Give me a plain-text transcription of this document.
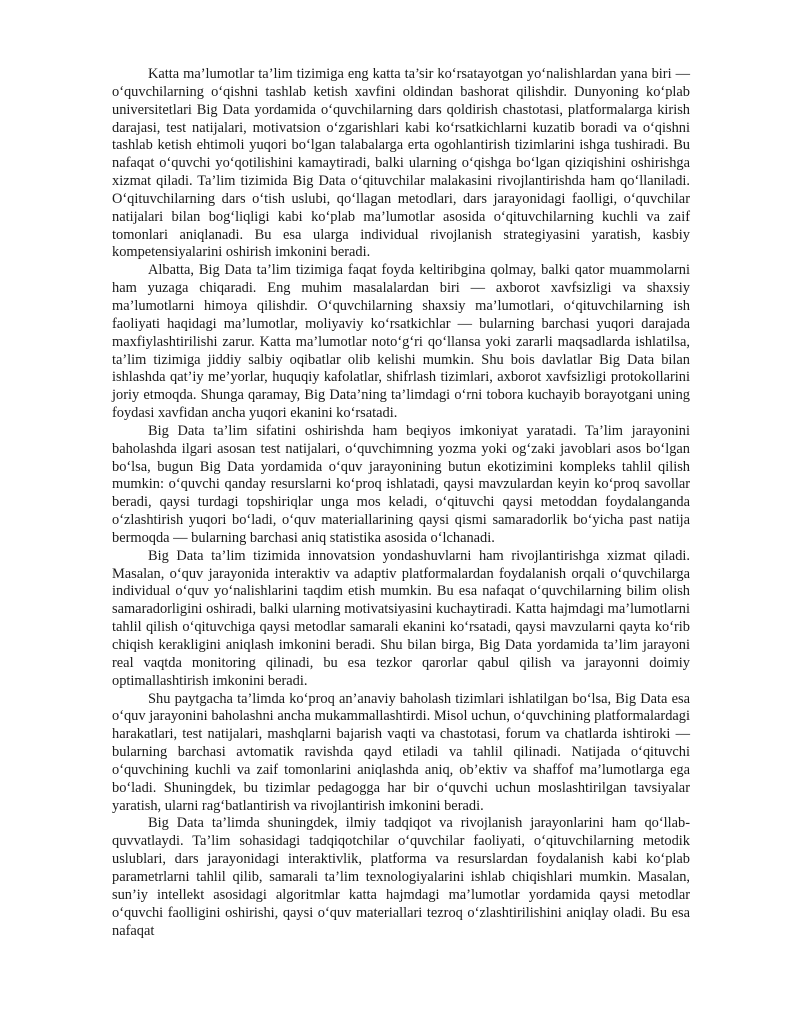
Katta ma’lumotlar ta’lim tizimiga eng katta ta’sir ko‘rsatayotgan yo‘nalishlardan yana biri — o‘quvchilarning o‘qishni tashlab ketish xavfini oldindan bashorat qilishdir. Dunyoning ko‘plab universitetlari Big Data yordamida o‘quvchilarning dars qoldirish chastotasi, platformalarga kirish darajasi, test natijalari, motivatsion o‘zgarishlari kabi ko‘rsatkichlarni kuzatib boradi va o‘qishni tashlab ketish ehtimoli yuqori bo‘lgan talabalarga erta ogohlantirish tizimlarini ishga tushiradi. Bu nafaqat o‘quvchi yo‘qotilishini kamaytiradi, balki ularning o‘qishga bo‘lgan qiziqishini oshirishga xizmat qiladi. Ta’lim tizimida Big Data o‘qituvchilar malakasini rivojlantirishda ham qo‘llaniladi. O‘qituvchilarning dars o‘tish uslubi, qo‘llagan metodlari, dars jarayonidagi faolligi, o‘quvchilar natijalari bilan bog‘liqligi kabi ko‘plab ma’lumotlar asosida o‘qituvchilarning kuchli va zaif tomonlari aniqlanadi. Bu esa ularga individual rivojlanish strategiyasini yaratish, kasbiy kompetensiyalarini oshirish imkonini beradi.

Albatta, Big Data ta’lim tizimiga faqat foyda keltiribgina qolmay, balki qator muammolarni ham yuzaga chiqaradi. Eng muhim masalalardan biri — axborot xavfsizligi va shaxsiy ma’lumotlarni himoya qilishdir. O‘quvchilarning shaxsiy ma’lumotlari, o‘qituvchilarning ish faoliyati haqidagi ma’lumotlar, moliyaviy ko‘rsatkichlar — bularning barchasi yuqori darajada maxfiylashtirilishi zarur. Katta ma’lumotlar noto‘g‘ri qo‘llansa yoki zararli maqsadlarda ishlatilsa, ta’lim tizimiga jiddiy salbiy oqibatlar olib kelishi mumkin. Shu bois davlatlar Big Data bilan ishlashda qat’iy me’yorlar, huquqiy kafolatlar, shifrlash tizimlari, axborot xavfsizligi protokollarini joriy etmoqda. Shunga qaramay, Big Data’ning ta’limdagi o‘rni tobora kuchayib borayotgani uning foydasi xavfidan ancha yuqori ekanini ko‘rsatadi.

Big Data ta’lim sifatini oshirishda ham beqiyos imkoniyat yaratadi. Ta’lim jarayonini baholashda ilgari asosan test natijalari, o‘quvchimning yozma yoki og‘zaki javoblari asos bo‘lgan bo‘lsa, bugun Big Data yordamida o‘quv jarayonining butun ekotizimini kompleks tahlil qilish mumkin: o‘quvchi qanday resurslarni ko‘proq ishlatadi, qaysi mavzulardan keyin ko‘proq savollar beradi, qaysi turdagi topshiriqlar unga mos keladi, o‘qituvchi qaysi metoddan foydalanganda o‘zlashtirish yuqori bo‘ladi, o‘quv materiallarining qaysi qismi samaradorlik bo‘yicha past natija bermoqda — bularning barchasi aniq statistika asosida o‘lchanadi.

Big Data ta’lim tizimida innovatsion yondashuvlarni ham rivojlantirishga xizmat qiladi. Masalan, o‘quv jarayonida interaktiv va adaptiv platformalardan foydalanish orqali o‘quvchilarga individual o‘quv yo‘nalishlarini taqdim etish mumkin. Bu esa nafaqat o‘quvchilarning bilim olish samaradorligini oshiradi, balki ularning motivatsiyasini kuchaytiradi. Katta hajmdagi ma’lumotlarni tahlil qilish o‘qituvchiga qaysi metodlar samarali ekanini ko‘rsatadi, qaysi mavzularni qayta ko‘rib chiqish kerakligini aniqlash imkonini beradi. Shu bilan birga, Big Data yordamida ta’lim jarayoni real vaqtda monitoring qilinadi, bu esa tezkor qarorlar qabul qilish va jarayonni doimiy optimallashtirish imkonini beradi.

Shu paytgacha ta’limda ko‘proq an’anaviy baholash tizimlari ishlatilgan bo‘lsa, Big Data esa o‘quv jarayonini baholashni ancha mukammallashtirdi. Misol uchun, o‘quvchining platformalardagi harakatlari, test natijalari, mashqlarni bajarish vaqti va chastotasi, forum va chatlarda ishtiroki — bularning barchasi avtomatik ravishda qayd etiladi va tahlil qilinadi. Natijada o‘qituvchi o‘quvchining kuchli va zaif tomonlarini aniqlashda aniq, ob’ektiv va shaffof ma’lumotlarga ega bo‘ladi. Shuningdek, bu tizimlar pedagogga har bir o‘quvchi uchun moslashtirilgan tavsiyalar yaratish, ularni rag‘batlantirish va rivojlantirish imkonini beradi.

Big Data ta’limda shuningdek, ilmiy tadqiqot va rivojlanish jarayonlarini ham qo‘llab-quvvatlaydi. Ta’lim sohasidagi tadqiqotchilar o‘quvchilar faoliyati, o‘qituvchilarning metodik uslublari, dars jarayonidagi interaktivlik, platforma va resurslardan foydalanish kabi ko‘plab parametrlarni tahlil qilib, samarali ta’lim texnologiyalarini ishlab chiqishlari mumkin. Masalan, sun’iy intellekt asosidagi algoritmlar katta hajmdagi ma’lumotlar yordamida qaysi metodlar o‘quvchi faolligini oshirishi, qaysi o‘quv materiallari tezroq o‘zlashtirilishini aniqlay oladi. Bu esa nafaqat
